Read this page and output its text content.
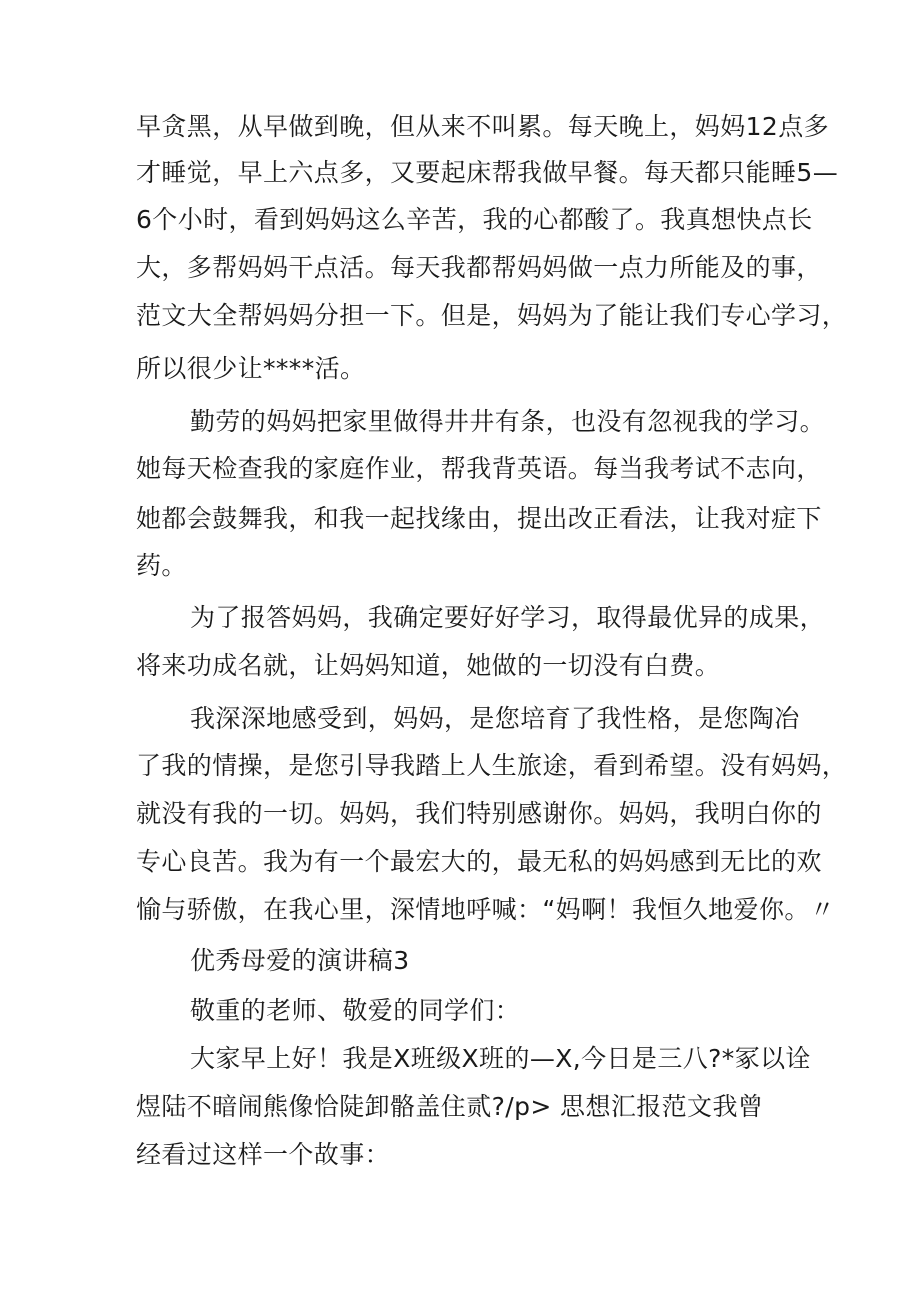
早贪黑，从早做到晚，但从来不叫累。每天晚上，妈妈12点多
才睡觉，早上六点多，又要起床帮我做早餐。每天都只能睡5—
6个小时，看到妈妈这么辛苦，我的心都酸了。我真想快点长
大，多帮妈妈干点活。每天我都帮妈妈做一点力所能及的事，
范文大全帮妈妈分担一下。但是，妈妈为了能让我们专心学习，
所以很少让****活。
勤劳的妈妈把家里做得井井有条，也没有忽视我的学习。
她每天检查我的家庭作业，帮我背英语。每当我考试不志向，
她都会鼓舞我，和我一起找缘由，提出改正看法，让我对症下
药。
为了报答妈妈，我确定要好好学习，取得最优异的成果，
将来功成名就，让妈妈知道，她做的一切没有白费。
我深深地感受到，妈妈，是您培育了我性格，是您陶冶
了我的情操，是您引导我踏上人生旅途，看到希望。没有妈妈，
就没有我的一切。妈妈，我们特别感谢你。妈妈，我明白你的
专心良苦。我为有一个最宏大的，最无私的妈妈感到无比的欢
愉与骄傲，在我心里，深情地呼喊：“妈啊！我恒久地爱你。〃
优秀母爱的演讲稿3
敬重的老师、敬爱的同学们：
大家早上好！我是X班级X班的—X,今日是三八?*冢以诠
煜陆不暗闹熊像恰陡卸骼盖住贰?/p> 思想汇报范文我曾
经看过这样一个故事：
